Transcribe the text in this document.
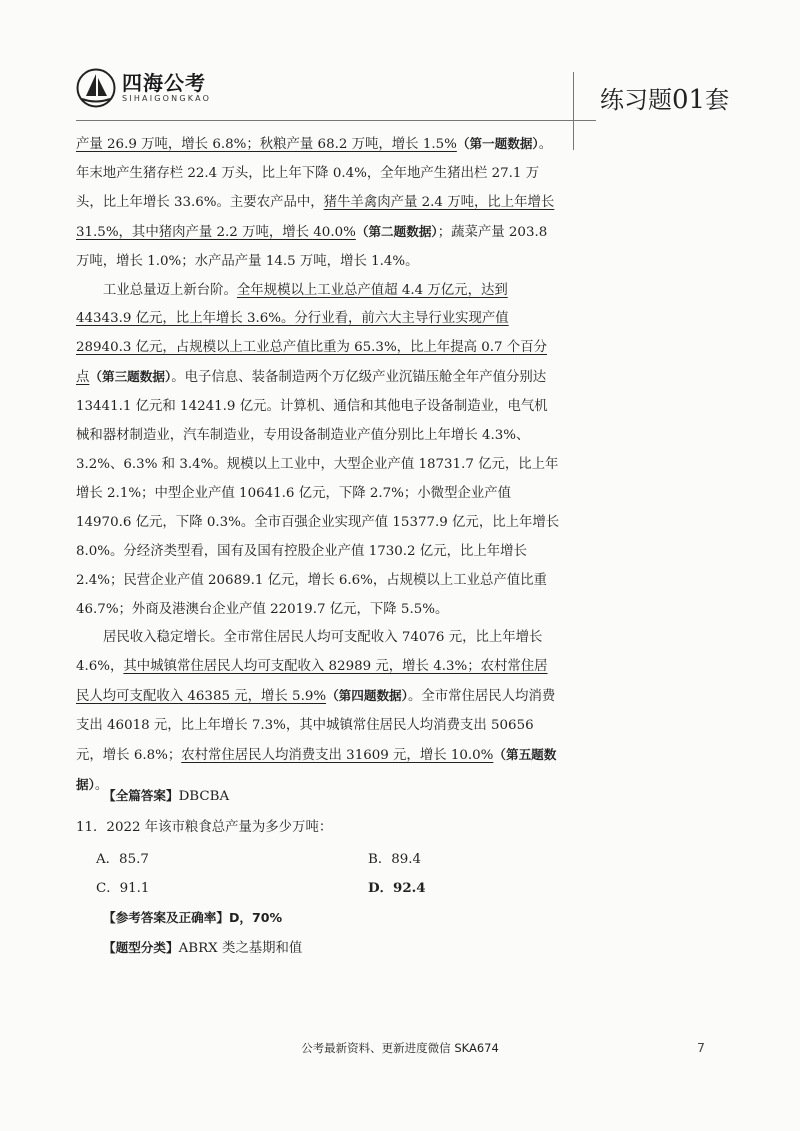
四海公考
SIHAIGONGKAO	练习题01套

产量 26.9 万吨，增长 6.8%；秋粮产量 68.2 万吨，增长 1.5%（第一题数据）。年末地产生猪存栏 22.4 万头，比上年下降 0.4%，全年地产生猪出栏 27.1 万头，比上年增长 33.6%。主要农产品中，猪牛羊禽肉产量 2.4 万吨，比上年增长 31.5%，其中猪肉产量 2.2 万吨，增长 40.0%（第二题数据）；蔬菜产量 203.8 万吨，增长 1.0%；水产品产量 14.5 万吨，增长 1.4%。

工业总量迈上新台阶。全年规模以上工业总产值超 4.4 万亿元，达到 44343.9 亿元，比上年增长 3.6%。分行业看，前六大主导行业实现产值 28940.3 亿元，占规模以上工业总产值比重为 65.3%，比上年提高 0.7 个百分点（第三题数据）。电子信息、装备制造两个万亿级产业沉锚压舱全年产值分别达 13441.1 亿元和 14241.9 亿元。计算机、通信和其他电子设备制造业，电气机械和器材制造业，汽车制造业，专用设备制造业产值分别比上年增长 4.3%、3.2%、6.3% 和 3.4%。规模以上工业中，大型企业产值 18731.7 亿元，比上年增长 2.1%；中型企业产值 10641.6 亿元，下降 2.7%；小微型企业产值 14970.6 亿元，下降 0.3%。全市百强企业实现产值 15377.9 亿元，比上年增长 8.0%。分经济类型看，国有及国有控股企业产值 1730.2 亿元，比上年增长 2.4%；民营企业产值 20689.1 亿元，增长 6.6%，占规模以上工业总产值比重 46.7%；外商及港澳台企业产值 22019.7 亿元，下降 5.5%。

居民收入稳定增长。全市常住居民人均可支配收入 74076 元，比上年增长 4.6%，其中城镇常住居民人均可支配收入 82989 元，增长 4.3%；农村常住居民人均可支配收入 46385 元，增长 5.9%（第四题数据）。全市常住居民人均消费支出 46018 元，比上年增长 7.3%，其中城镇常住居民人均消费支出 50656 元，增长 6.8%；农村常住居民人均消费支出 31609 元，增长 10.0%（第五题数据）。

【全篇答案】DBCBA
11．2022 年该市粮食总产量为多少万吨：
A．85.7	B．89.4
C．91.1	D．92.4
【参考答案及正确率】D，70%
【题型分类】ABRX 类之基期和值
公考最新资料、更新进度微信 SKA674	7
